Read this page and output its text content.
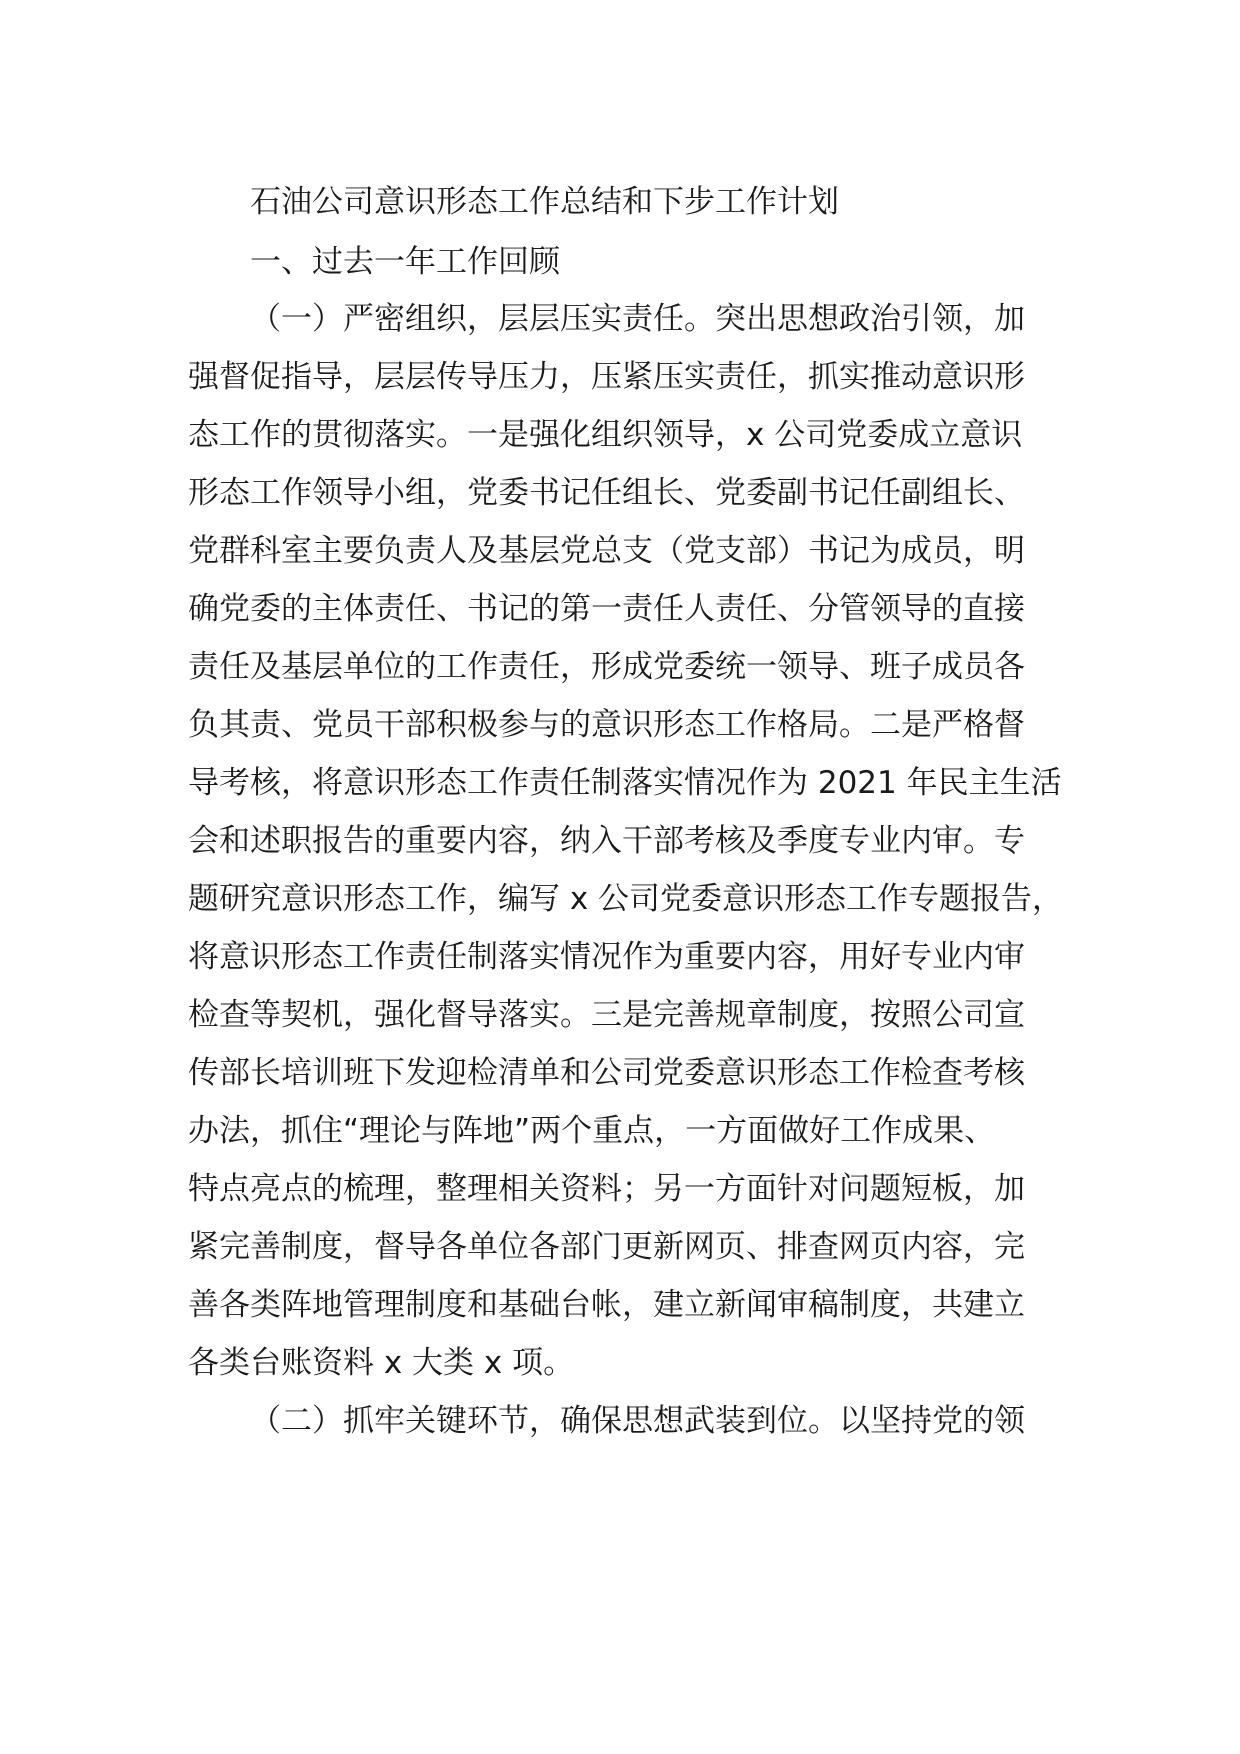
石油公司意识形态工作总结和下步工作计划

一、过去一年工作回顾

（一）严密组织，层层压实责任。突出思想政治引领，加

强督促指导，层层传导压力，压紧压实责任，抓实推动意识形

态工作的贯彻落实。一是强化组织领导，x 公司党委成立意识

形态工作领导小组，党委书记任组长、党委副书记任副组长、

党群科室主要负责人及基层党总支（党支部）书记为成员，明

确党委的主体责任、书记的第一责任人责任、分管领导的直接

责任及基层单位的工作责任，形成党委统一领导、班子成员各

负其责、党员干部积极参与的意识形态工作格局。二是严格督

导考核，将意识形态工作责任制落实情况作为 2021 年民主生活

会和述职报告的重要内容，纳入干部考核及季度专业内审。专

题研究意识形态工作，编写 x 公司党委意识形态工作专题报告，

将意识形态工作责任制落实情况作为重要内容，用好专业内审

检查等契机，强化督导落实。三是完善规章制度，按照公司宣

传部长培训班下发迎检清单和公司党委意识形态工作检查考核

办法，抓住“理论与阵地”两个重点，一方面做好工作成果、

特点亮点的梳理，整理相关资料；另一方面针对问题短板，加

紧完善制度，督导各单位各部门更新网页、排查网页内容，完

善各类阵地管理制度和基础台帐，建立新闻审稿制度，共建立

各类台账资料 x 大类 x 项。

（二）抓牢关键环节，确保思想武装到位。以坚持党的领
